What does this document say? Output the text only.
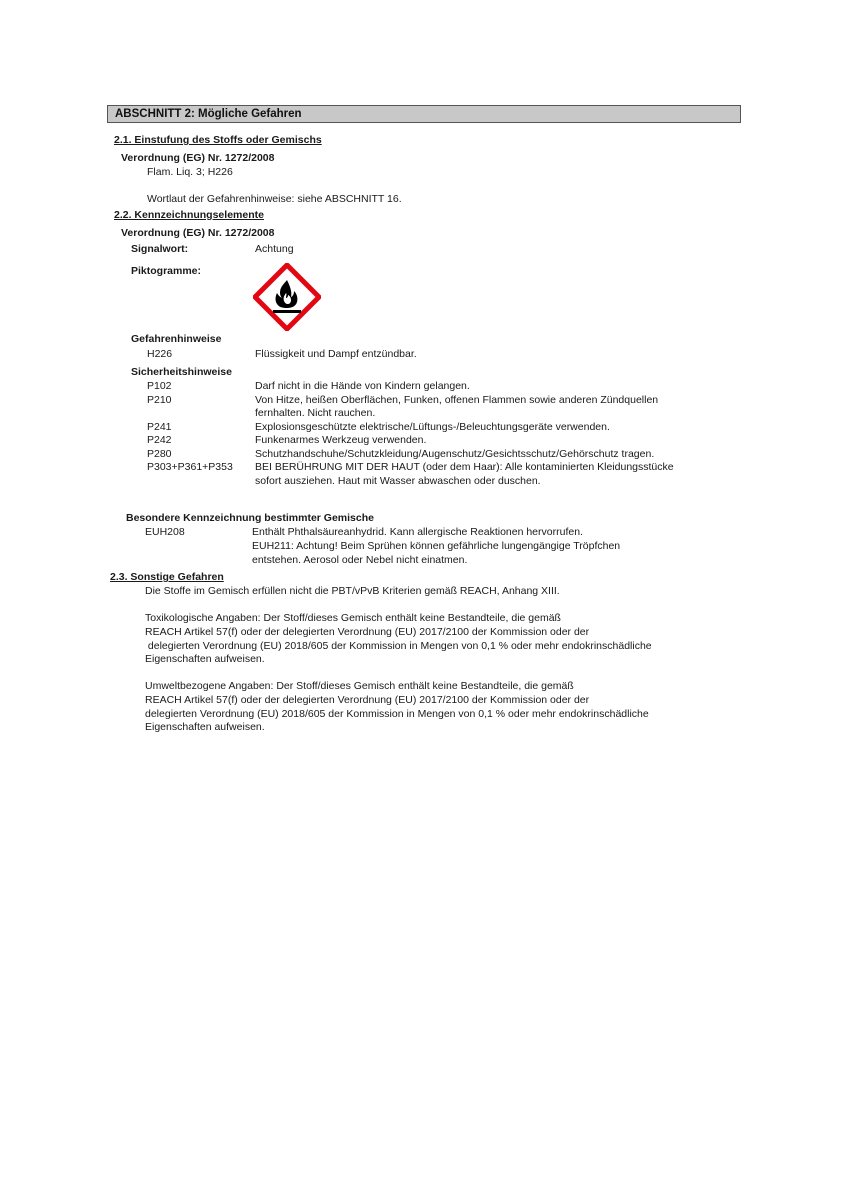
ABSCHNITT 2: Mögliche Gefahren
2.1. Einstufung des Stoffs oder Gemischs
Verordnung (EG) Nr. 1272/2008
Flam. Liq. 3; H226
Wortlaut der Gefahrenhinweise: siehe ABSCHNITT 16.
2.2. Kennzeichnungselemente
Verordnung (EG) Nr. 1272/2008
Signalwort:	Achtung
Piktogramme:
Gefahrenhinweise
H226	Flüssigkeit und Dampf entzündbar.
Sicherheitshinweise
P102	Darf nicht in die Hände von Kindern gelangen.
P210	Von Hitze, heißen Oberflächen, Funken, offenen Flammen sowie anderen Zündquellen
fernhalten. Nicht rauchen.
P241	Explosionsgeschützte elektrische/Lüftungs-/Beleuchtungsgeräte verwenden.
P242	Funkenarmes Werkzeug verwenden.
P280	Schutzhandschuhe/Schutzkleidung/Augenschutz/Gesichtsschutz/Gehörschutz tragen.
P303+P361+P353 BEI BERÜHRUNG MIT DER HAUT (oder dem Haar): Alle kontaminierten Kleidungsstücke
sofort ausziehen. Haut mit Wasser abwaschen oder duschen.
Besondere Kennzeichnung bestimmter Gemische
EUH208	Enthält Phthalsäureanhydrid. Kann allergische Reaktionen hervorrufen.
EUH211: Achtung! Beim Sprühen können gefährliche lungengängige Tröpfchen
entstehen. Aerosol oder Nebel nicht einatmen.
2.3. Sonstige Gefahren
Die Stoffe im Gemisch erfüllen nicht die PBT/vPvB Kriterien gemäß REACH, Anhang XIII.
Toxikologische Angaben: Der Stoff/dieses Gemisch enthält keine Bestandteile, die gemäß
REACH Artikel 57(f) oder der delegierten Verordnung (EU) 2017/2100 der Kommission oder der
delegierten Verordnung (EU) 2018/605 der Kommission in Mengen von 0,1 % oder mehr endokrinschädliche
Eigenschaften aufweisen.
Umweltbezogene Angaben: Der Stoff/dieses Gemisch enthält keine Bestandteile, die gemäß
REACH Artikel 57(f) oder der delegierten Verordnung (EU) 2017/2100 der Kommission oder der
delegierten Verordnung (EU) 2018/605 der Kommission in Mengen von 0,1 % oder mehr endokrinschädliche
Eigenschaften aufweisen.
